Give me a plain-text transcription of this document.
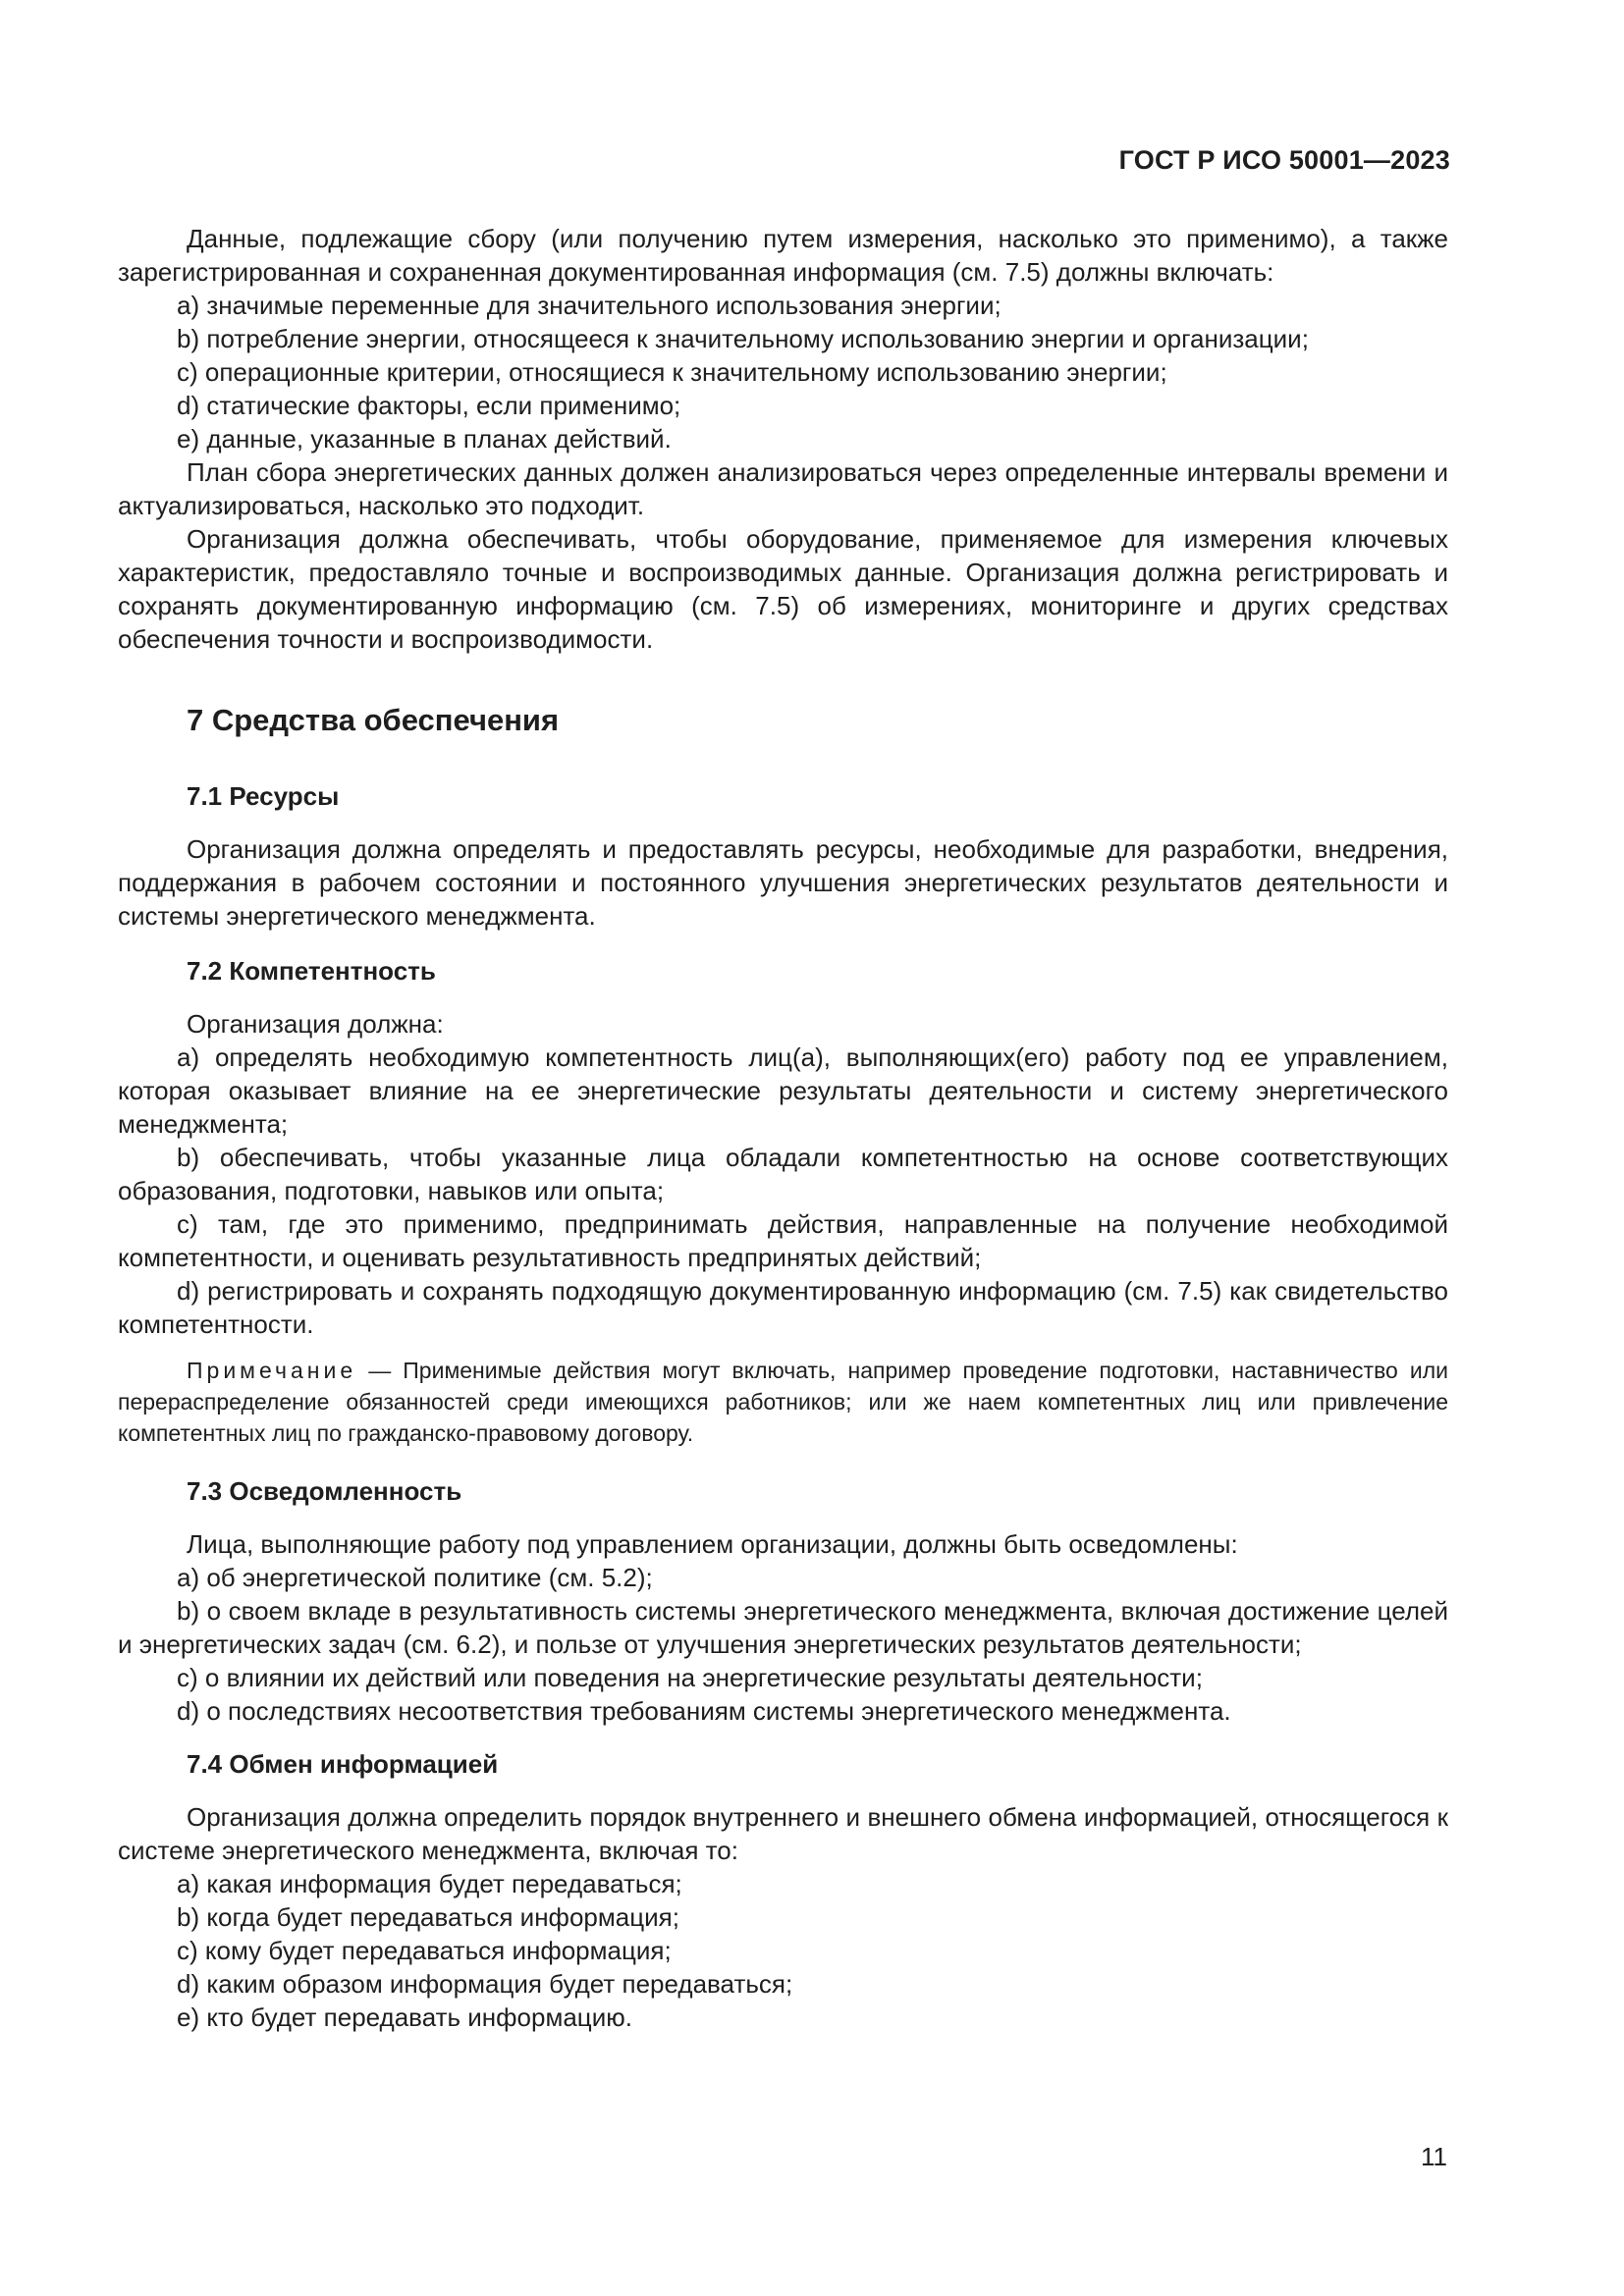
ГОСТ Р ИСО 50001—2023

Данные, подлежащие сбору (или получению путем измерения, насколько это применимо), а также зарегистрированная и сохраненная документированная информация (см. 7.5) должны включать:

a) значимые переменные для значительного использования энергии;

b) потребление энергии, относящееся к значительному использованию энергии и организации;

c) операционные критерии, относящиеся к значительному использованию энергии;

d) статические факторы, если применимо;

e) данные, указанные в планах действий.

План сбора энергетических данных должен анализироваться через определенные интервалы времени и актуализироваться, насколько это подходит.

Организация должна обеспечивать, чтобы оборудование, применяемое для измерения ключевых характеристик, предоставляло точные и воспроизводимых данные. Организация должна регистрировать и сохранять документированную информацию (см. 7.5) об измерениях, мониторинге и других средствах обеспечения точности и воспроизводимости.

7 Средства обеспечения
7.1 Ресурсы

Организация должна определять и предоставлять ресурсы, необходимые для разработки, внедрения, поддержания в рабочем состоянии и постоянного улучшения энергетических результатов деятельности и системы энергетического менеджмента.

7.2 Компетентность

Организация должна:

a) определять необходимую компетентность лиц(а), выполняющих(его) работу под ее управлением, которая оказывает влияние на ее энергетические результаты деятельности и систему энергетического менеджмента;

b) обеспечивать, чтобы указанные лица обладали компетентностью на основе соответствующих образования, подготовки, навыков или опыта;

c) там, где это применимо, предпринимать действия, направленные на получение необходимой компетентности, и оценивать результативность предпринятых действий;

d) регистрировать и сохранять подходящую документированную информацию (см. 7.5) как свидетельство компетентности.

Примечание — Применимые действия могут включать, например проведение подготовки, наставничество или перераспределение обязанностей среди имеющихся работников; или же наем компетентных лиц или привлечение компетентных лиц по гражданско-правовому договору.

7.3 Осведомленность

Лица, выполняющие работу под управлением организации, должны быть осведомлены:

a) об энергетической политике (см. 5.2);

b) о своем вкладе в результативность системы энергетического менеджмента, включая достижение целей и энергетических задач (см. 6.2), и пользе от улучшения энергетических результатов деятельности;

c) о влиянии их действий или поведения на энергетические результаты деятельности;

d) о последствиях несоответствия требованиям системы энергетического менеджмента.

7.4 Обмен информацией

Организация должна определить порядок внутреннего и внешнего обмена информацией, относящегося к системе энергетического менеджмента, включая то:

a) какая информация будет передаваться;

b) когда будет передаваться информация;

c) кому будет передаваться информация;

d) каким образом информация будет передаваться;

e) кто будет передавать информацию.

11
